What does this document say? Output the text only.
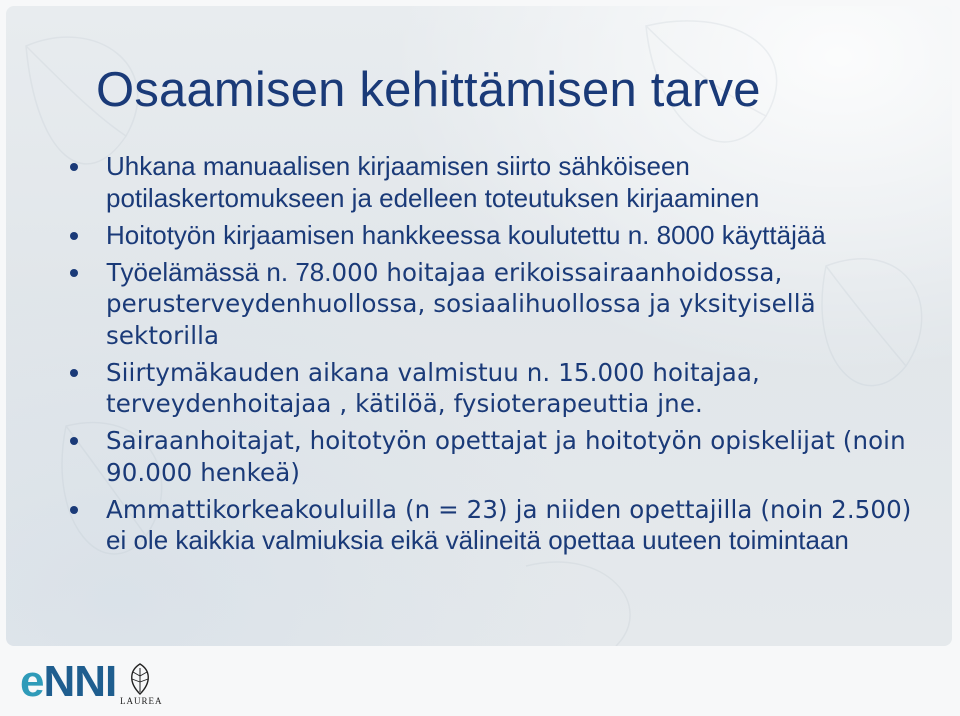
Osaamisen kehittämisen tarve
Uhkana manuaalisen kirjaamisen siirto sähköiseen potilaskertomukseen ja edelleen toteutuksen kirjaaminen
Hoitotyön kirjaamisen hankkeessa koulutettu n. 8000 käyttäjää
Työelämässä n. 78.000 hoitajaa erikoissairaanhoidossa, perusterveydenhuollossa, sosiaalihuollossa ja yksityisellä sektorilla
Siirtymäkauden aikana valmistuu n. 15.000 hoitajaa, terveydenhoitajaa , kätilöä, fysioterapeuttia jne.
Sairaanhoitajat, hoitotyön opettajat ja hoitotyön opiskelijat (noin 90.000 henkeä)
Ammattikorkeakouluilla (n = 23) ja niiden opettajilla (noin 2.500) ei ole kaikkia valmiuksia eikä välineitä opettaa uuteen toimintaan
eNNI LAUREA
